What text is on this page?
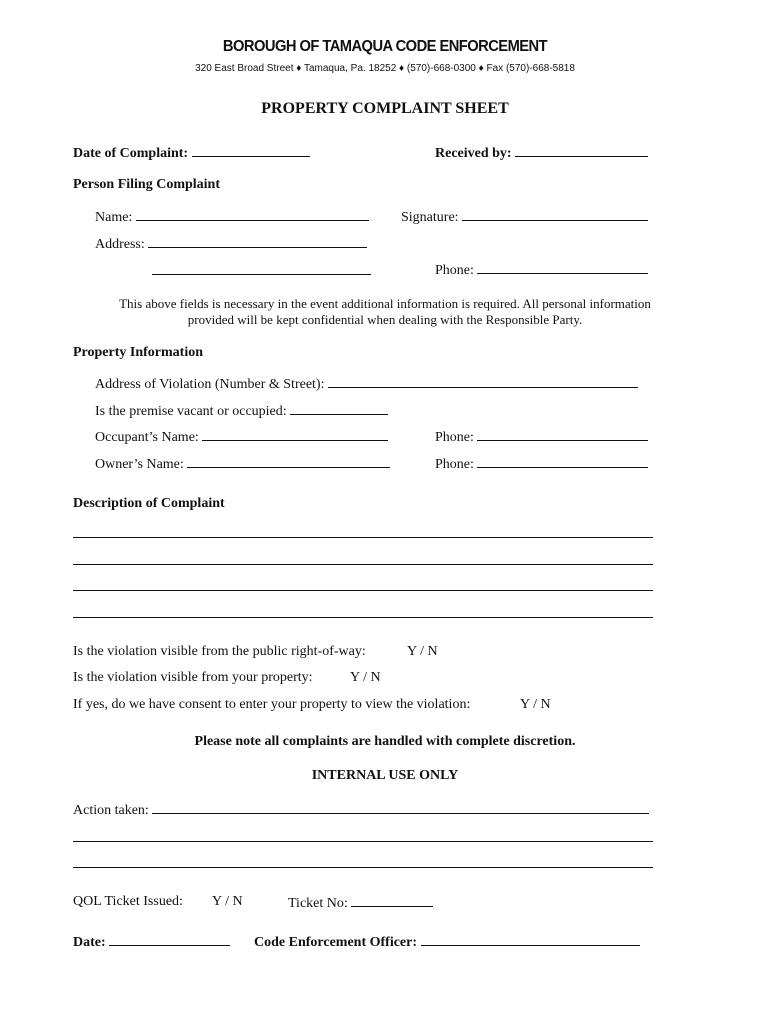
BOROUGH OF TAMAQUA CODE ENFORCEMENT
320 East Broad Street ♦ Tamaqua, Pa. 18252 ♦ (570)-668-0300 ♦ Fax (570)-668-5818
PROPERTY COMPLAINT SHEET
Date of Complaint:	Received by:
Person Filing Complaint
Name:	Signature:
Address:
Phone:
This above fields is necessary in the event additional information is required. All personal information
provided will be kept confidential when dealing with the Responsible Party.
Property Information
Address of Violation (Number & Street):
Is the premise vacant or occupied:
Occupant’s Name:	Phone:
Owner’s Name:	Phone:
Description of Complaint
Is the violation visible from the public right-of-way:	Y / N
Is the violation visible from your property:	Y / N
If yes, do we have consent to enter your property to view the violation:	Y / N
Please note all complaints are handled with complete discretion.
INTERNAL USE ONLY
Action taken:
QOL Ticket Issued: Y / N	Ticket No:
Date:	Code Enforcement Officer:
